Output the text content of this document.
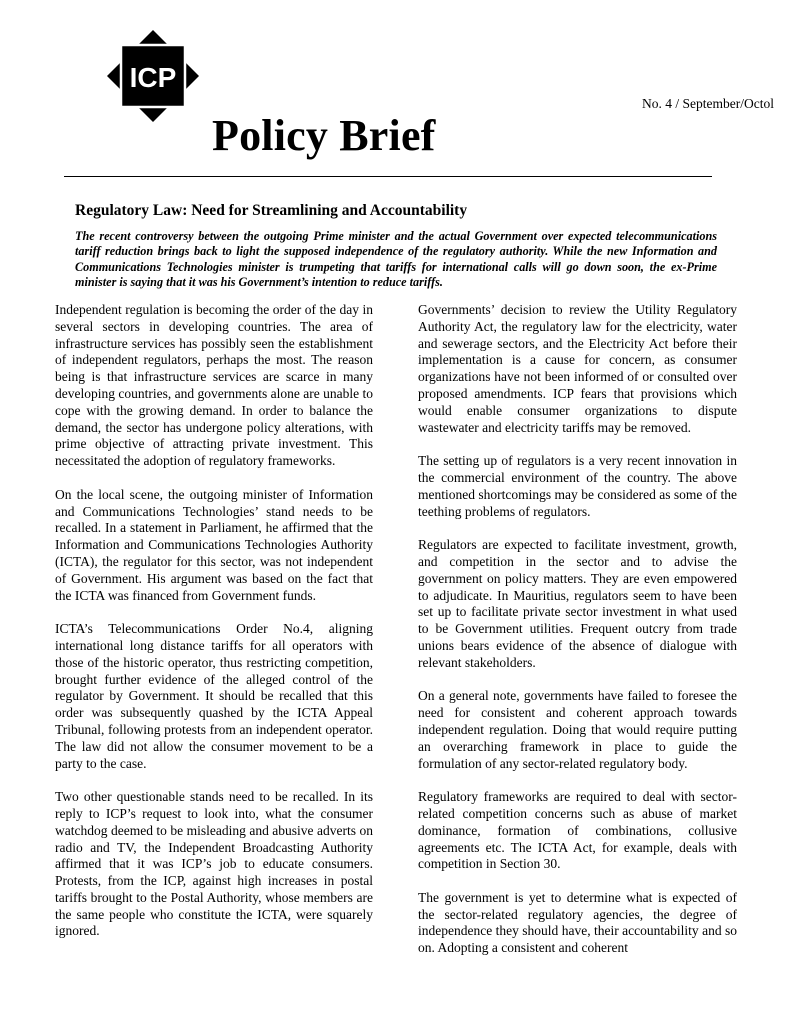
ICP
No. 4 / September/Octol
Policy Brief
Regulatory Law: Need for Streamlining and Accountability
The recent controversy between the outgoing Prime minister and the actual Government over expected telecommunications tariff reduction brings back to light the supposed independence of the regulatory authority. While the new Information and Communications Technologies minister is trumpeting that tariffs for international calls will go down soon, the ex-Prime minister is saying that it was his Government’s intention to reduce tariffs.

Independent regulation is becoming the order of the day in several sectors in developing countries. The area of infrastructure services has possibly seen the establishment of independent regulators, perhaps the most. The reason being is that infrastructure services are scarce in many developing countries, and governments alone are unable to cope with the growing demand. In order to balance the demand, the sector has undergone policy alterations, with prime objective of attracting private investment. This necessitated the adoption of regulatory frameworks.

On the local scene, the outgoing minister of Information and Communications Technologies’ stand needs to be recalled. In a statement in Parliament, he affirmed that the Information and Communications Technologies Authority (ICTA), the regulator for this sector, was not independent of Government. His argument was based on the fact that the ICTA was financed from Government funds.

ICTA’s Telecommunications Order No.4, aligning international long distance tariffs for all operators with those of the historic operator, thus restricting competition, brought further evidence of the alleged control of the regulator by Government. It should be recalled that this order was subsequently quashed by the ICTA Appeal Tribunal, following protests from an independent operator. The law did not allow the consumer movement to be a party to the case.

Two other questionable stands need to be recalled. In its reply to ICP’s request to look into, what the consumer watchdog deemed to be misleading and abusive adverts on radio and TV, the Independent Broadcasting Authority affirmed that it was ICP’s job to educate consumers. Protests, from the ICP, against high increases in postal tariffs brought to the Postal Authority, whose members are the same people who constitute the ICTA, were squarely ignored.

Governments’ decision to review the Utility Regulatory Authority Act, the regulatory law for the electricity, water and sewerage sectors, and the Electricity Act before their implementation is a cause for concern, as consumer organizations have not been informed of or consulted over proposed amendments. ICP fears that provisions which would enable consumer organizations to dispute wastewater and electricity tariffs may be removed.

The setting up of regulators is a very recent innovation in the commercial environment of the country. The above mentioned shortcomings may be considered as some of the teething problems of regulators.

Regulators are expected to facilitate investment, growth, and competition in the sector and to advise the government on policy matters. They are even empowered to adjudicate. In Mauritius, regulators seem to have been set up to facilitate private sector investment in what used to be Government utilities. Frequent outcry from trade unions bears evidence of the absence of dialogue with relevant stakeholders.

On a general note, governments have failed to foresee the need for consistent and coherent approach towards independent regulation. Doing that would require putting an overarching framework in place to guide the formulation of any sector-related regulatory body.

Regulatory frameworks are required to deal with sector-related competition concerns such as abuse of market dominance, formation of combinations, collusive agreements etc. The ICTA Act, for example, deals with competition in Section 30.

The government is yet to determine what is expected of the sector-related regulatory agencies, the degree of independence they should have, their accountability and so on. Adopting a consistent and coherent
